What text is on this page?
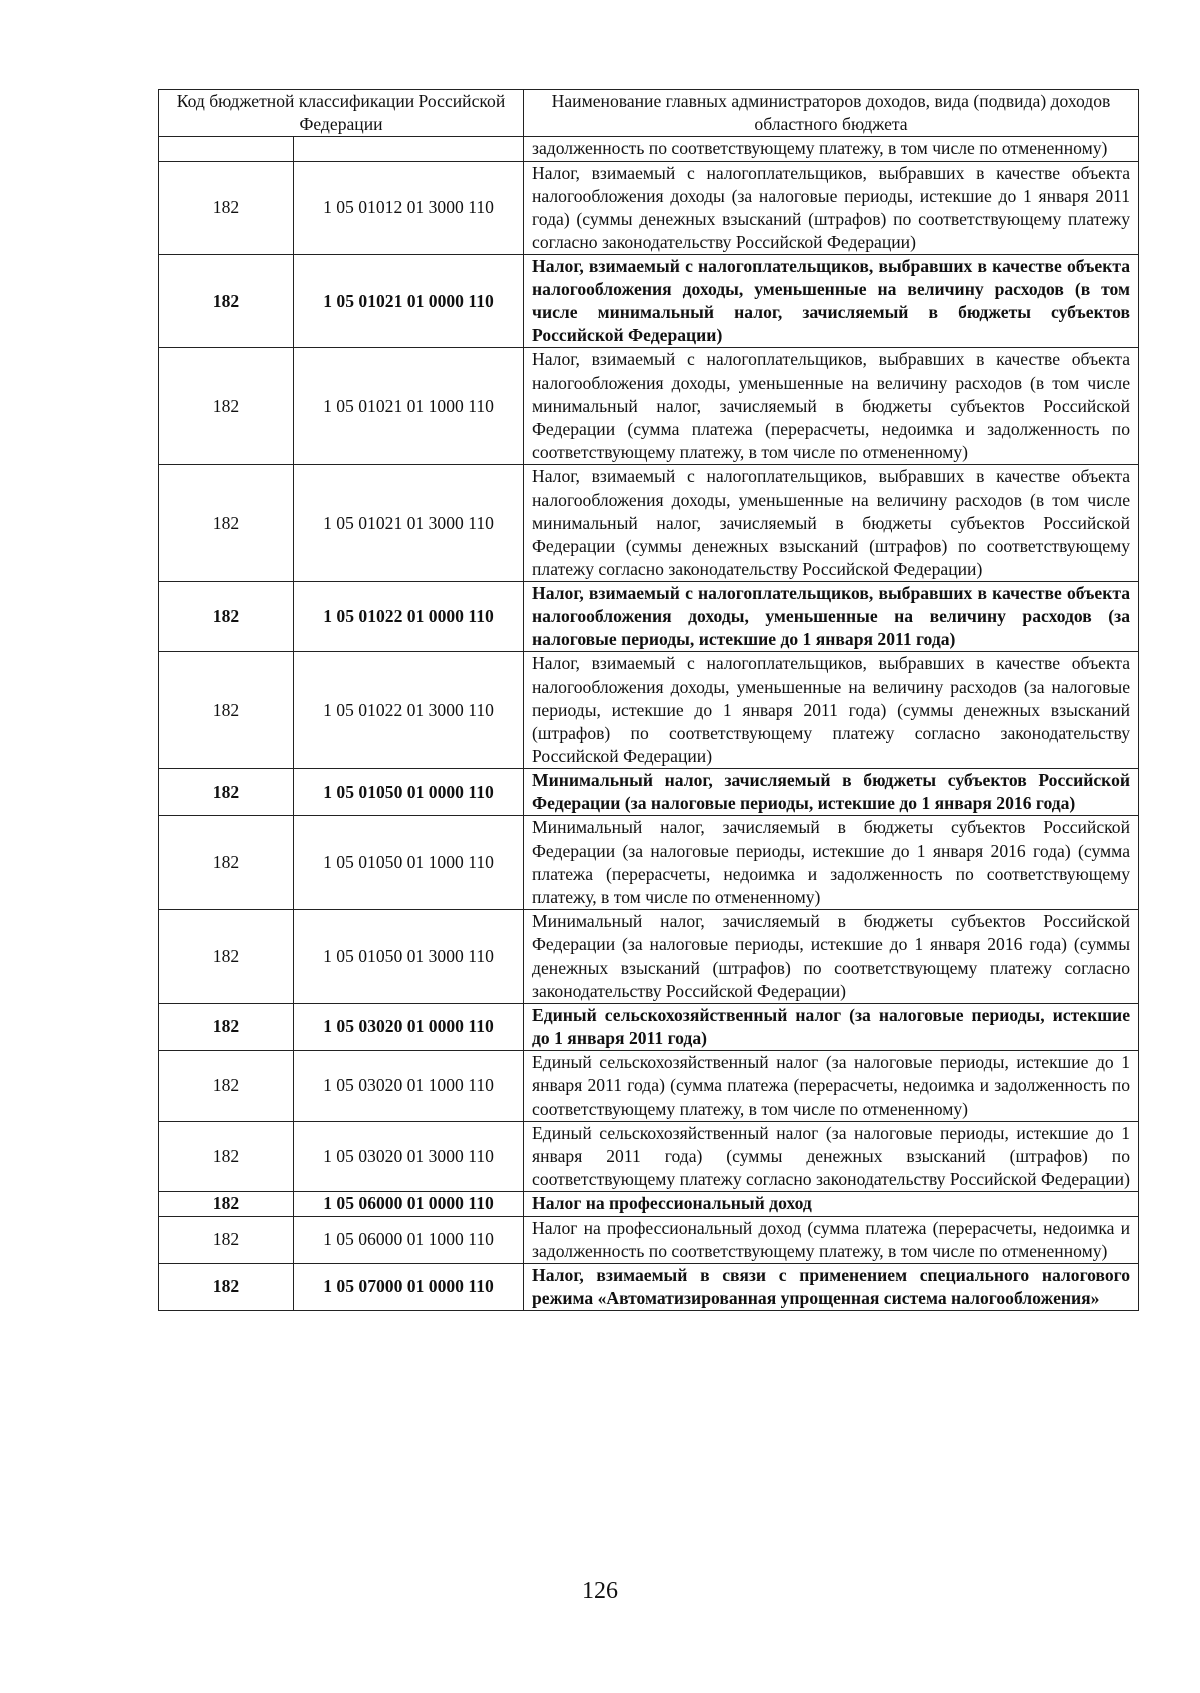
Код бюджетной классификации Российской Федерации		Наименование главных администраторов доходов, вида (подвида) доходов областного бюджета
		задолженность по соответствующему платежу, в том числе по отмененному)
182	1 05 01012 01 3000 110	Налог, взимаемый с налогоплательщиков, выбравших в качестве объекта налогообложения доходы (за налоговые периоды, истекшие до 1 января 2011 года) (суммы денежных взысканий (штрафов) по соответствующему платежу согласно законодательству Российской Федерации)
182	1 05 01021 01 0000 110	Налог, взимаемый с налогоплательщиков, выбравших в качестве объекта налогообложения доходы, уменьшенные на величину расходов (в том числе минимальный налог, зачисляемый в бюджеты субъектов Российской Федерации)
182	1 05 01021 01 1000 110	Налог, взимаемый с налогоплательщиков, выбравших в качестве объекта налогообложения доходы, уменьшенные на величину расходов (в том числе минимальный налог, зачисляемый в бюджеты субъектов Российской Федерации (сумма платежа (перерасчеты, недоимка и задолженность по соответствующему платежу, в том числе по отмененному)
182	1 05 01021 01 3000 110	Налог, взимаемый с налогоплательщиков, выбравших в качестве объекта налогообложения доходы, уменьшенные на величину расходов (в том числе минимальный налог, зачисляемый в бюджеты субъектов Российской Федерации (суммы денежных взысканий (штрафов) по соответствующему платежу согласно законодательству Российской Федерации)
182	1 05 01022 01 0000 110	Налог, взимаемый с налогоплательщиков, выбравших в качестве объекта налогообложения доходы, уменьшенные на величину расходов (за налоговые периоды, истекшие до 1 января 2011 года)
182	1 05 01022 01 3000 110	Налог, взимаемый с налогоплательщиков, выбравших в качестве объекта налогообложения доходы, уменьшенные на величину расходов (за налоговые периоды, истекшие до 1 января 2011 года) (суммы денежных взысканий (штрафов) по соответствующему платежу согласно законодательству Российской Федерации)
182	1 05 01050 01 0000 110	Минимальный налог, зачисляемый в бюджеты субъектов Российской Федерации (за налоговые периоды, истекшие до 1 января 2016 года)
182	1 05 01050 01 1000 110	Минимальный налог, зачисляемый в бюджеты субъектов Российской Федерации (за налоговые периоды, истекшие до 1 января 2016 года) (сумма платежа (перерасчеты, недоимка и задолженность по соответствующему платежу, в том числе по отмененному)
182	1 05 01050 01 3000 110	Минимальный налог, зачисляемый в бюджеты субъектов Российской Федерации (за налоговые периоды, истекшие до 1 января 2016 года) (суммы денежных взысканий (штрафов) по соответствующему платежу согласно законодательству Российской Федерации)
182	1 05 03020 01 0000 110	Единый сельскохозяйственный налог (за налоговые периоды, истекшие до 1 января 2011 года)
182	1 05 03020 01 1000 110	Единый сельскохозяйственный налог (за налоговые периоды, истекшие до 1 января 2011 года) (сумма платежа (перерасчеты, недоимка и задолженность по соответствующему платежу, в том числе по отмененному)
182	1 05 03020 01 3000 110	Единый сельскохозяйственный налог (за налоговые периоды, истекшие до 1 января 2011 года) (суммы денежных взысканий (штрафов) по соответствующему платежу согласно законодательству Российской Федерации)
182	1 05 06000 01 0000 110	Налог на профессиональный доход
182	1 05 06000 01 1000 110	Налог на профессиональный доход (сумма платежа (перерасчеты, недоимка и задолженность по соответствующему платежу, в том числе по отмененному)
182	1 05 07000 01 0000 110	Налог, взимаемый в связи с применением специального налогового режима «Автоматизированная упрощенная система налогообложения»
126
